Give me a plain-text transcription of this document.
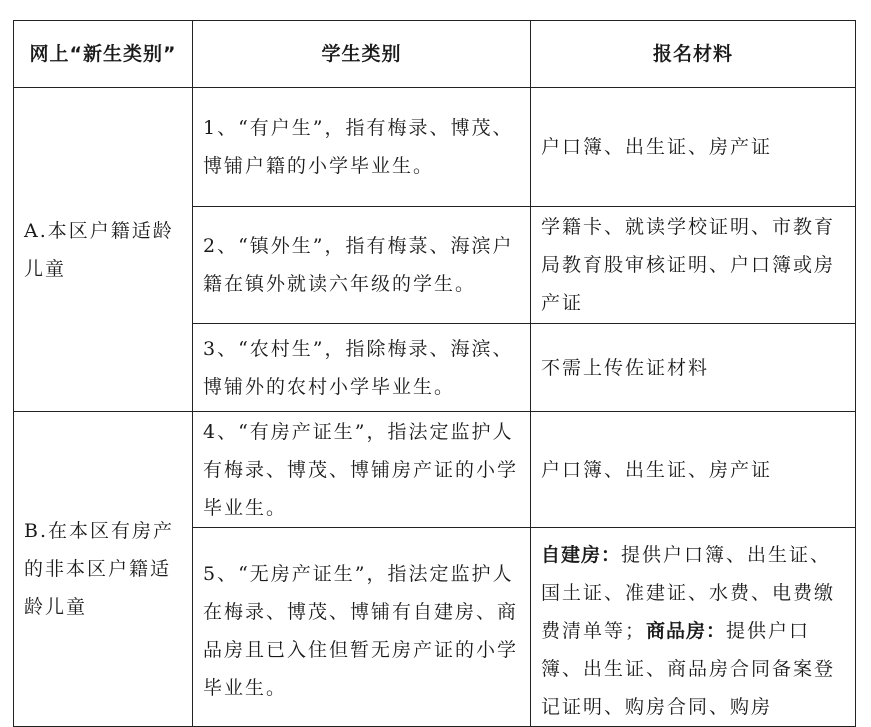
网上“新生类别”	学生类别	报名材料
A.本区户籍适龄儿童	1、“有户生”，指有梅录、博茂、博铺户籍的小学毕业生。	户口簿、出生证、房产证
	2、“镇外生”，指有梅菉、海滨户籍在镇外就读六年级的学生。	学籍卡、就读学校证明、市教育局教育股审核证明、户口簿或房产证
	3、“农村生”，指除梅录、海滨、博铺外的农村小学毕业生。	不需上传佐证材料
B.在本区有房产的非本区户籍适龄儿童	4、“有房产证生”，指法定监护人有梅录、博茂、博铺房产证的小学毕业生。	户口簿、出生证、房产证
	5、“无房产证生”，指法定监护人在梅录、博茂、博铺有自建房、商品房且已入住但暂无房产证的小学毕业生。	自建房：提供户口簿、出生证、国土证、准建证、水费、电费缴费清单等；商品房：提供户口簿、出生证、商品房合同备案登记证明、购房合同、购房
